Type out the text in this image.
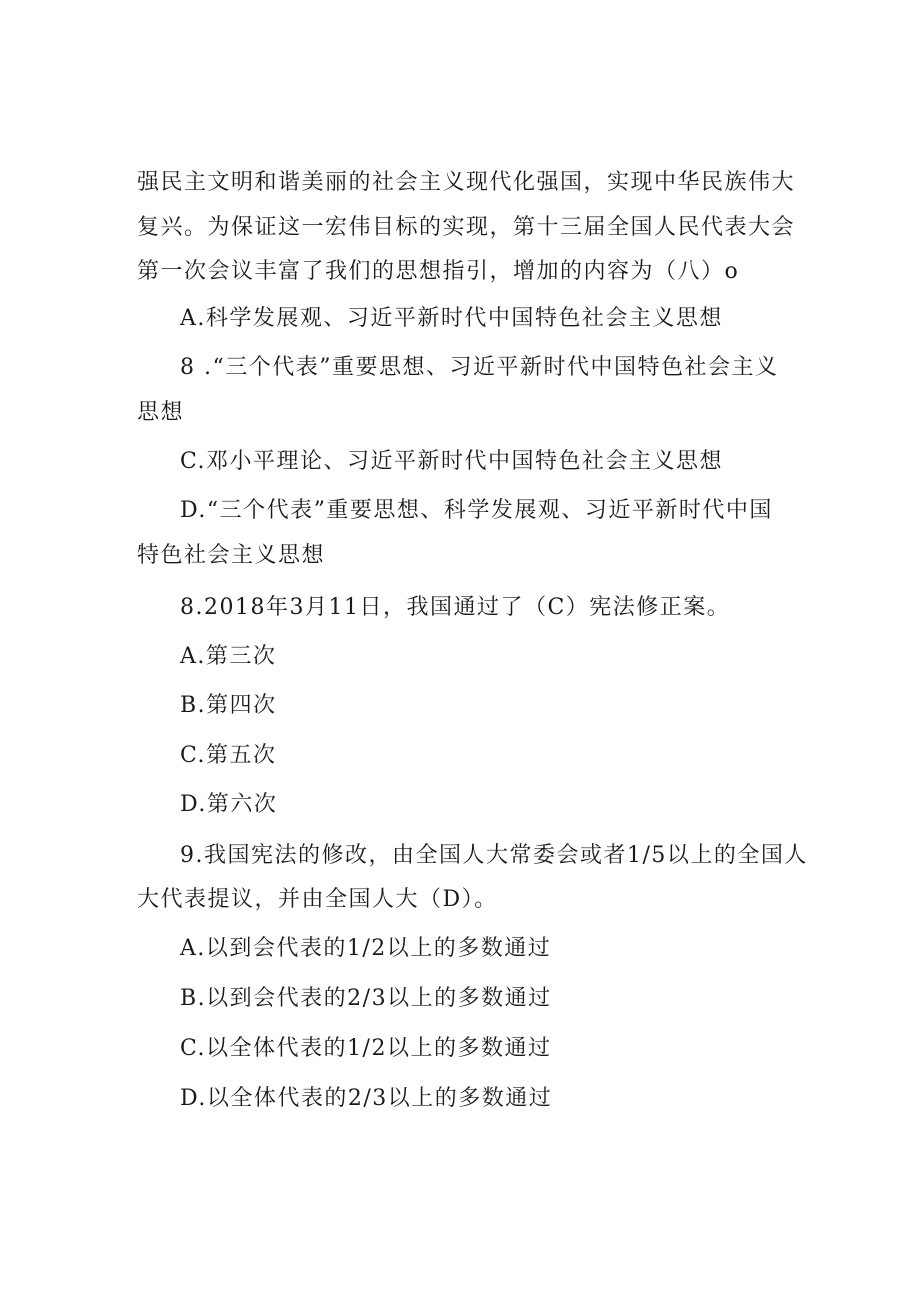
强民主文明和谐美丽的社会主义现代化强国，实现中华民族伟大
复兴。为保证这一宏伟目标的实现，第十三届全国人民代表大会
第一次会议丰富了我们的思想指引，增加的内容为（八）o
A.科学发展观、习近平新时代中国特色社会主义思想
8 .“三个代表”重要思想、习近平新时代中国特色社会主义
思想
C.邓小平理论、习近平新时代中国特色社会主义思想
D.“三个代表”重要思想、科学发展观、习近平新时代中国
特色社会主义思想
8.2018年3月11日，我国通过了（C）宪法修正案。
A.第三次
B.第四次
C.第五次
D.第六次
9.我国宪法的修改，由全国人大常委会或者1/5以上的全国人
大代表提议，并由全国人大（D）。
A.以到会代表的1/2以上的多数通过
B.以到会代表的2/3以上的多数通过
C.以全体代表的1/2以上的多数通过
D.以全体代表的2/3以上的多数通过
